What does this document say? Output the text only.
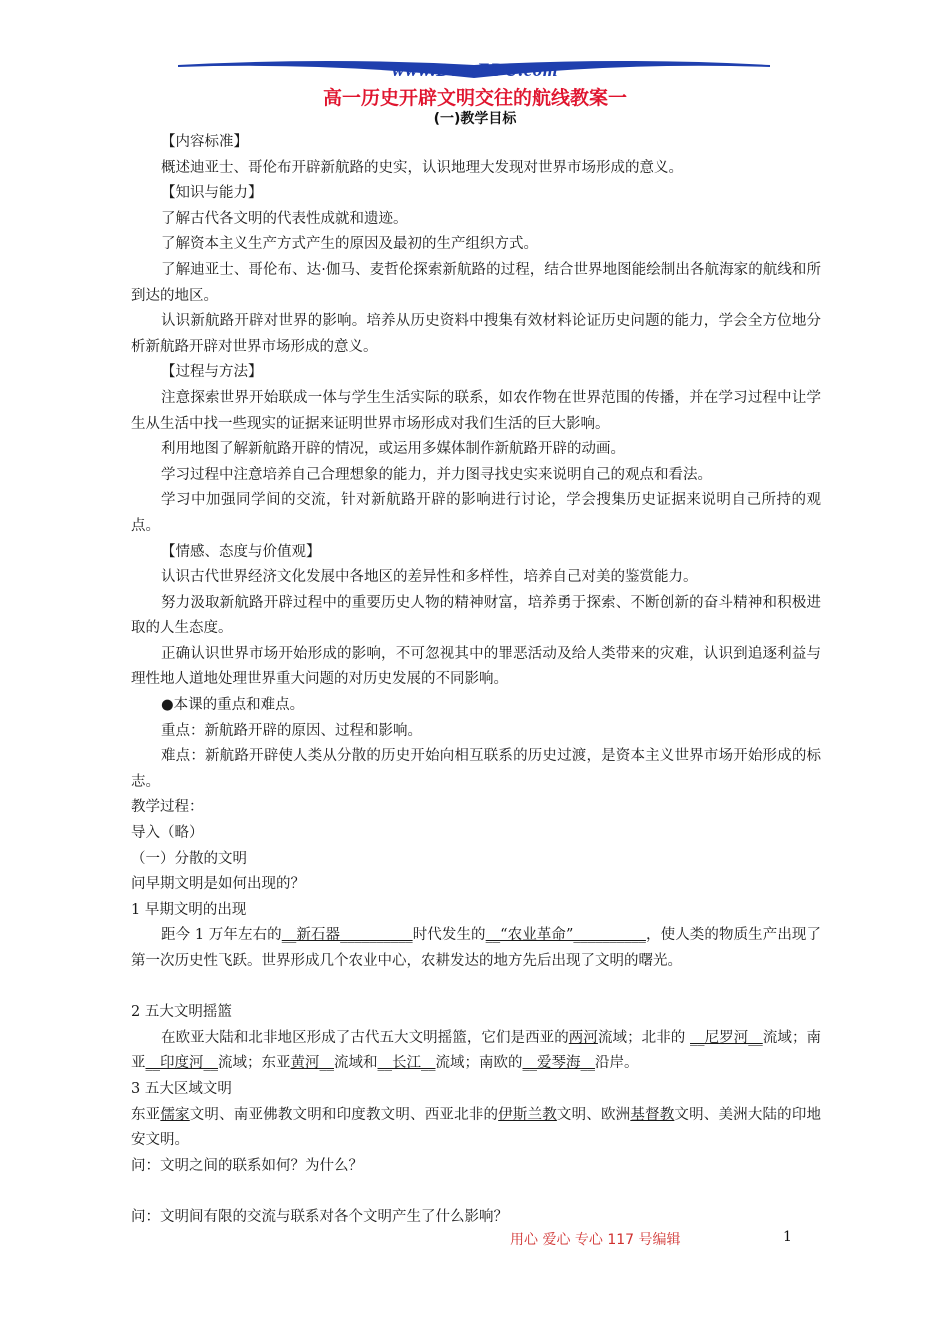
www.DearEDU.com
高一历史开辟文明交往的航线教案一
(一)教学目标

【内容标准】

概述迪亚士、哥伦布开辟新航路的史实，认识地理大发现对世界市场形成的意义。

【知识与能力】

了解古代各文明的代表性成就和遗迹。

了解资本主义生产方式产生的原因及最初的生产组织方式。

了解迪亚士、哥伦布、达·伽马、麦哲伦探索新航路的过程，结合世界地图能绘制出各航海家的航线和所到达的地区。

认识新航路开辟对世界的影响。培养从历史资料中搜集有效材料论证历史问题的能力，学会全方位地分析新航路开辟对世界市场形成的意义。

【过程与方法】

注意探索世界开始联成一体与学生生活实际的联系，如农作物在世界范围的传播，并在学习过程中让学生从生活中找一些现实的证据来证明世界市场形成对我们生活的巨大影响。

利用地图了解新航路开辟的情况，或运用多媒体制作新航路开辟的动画。

学习过程中注意培养自己合理想象的能力，并力图寻找史实来说明自己的观点和看法。

学习中加强同学间的交流，针对新航路开辟的影响进行讨论，学会搜集历史证据来说明自己所持的观点。

【情感、态度与价值观】

认识古代世界经济文化发展中各地区的差异性和多样性，培养自己对美的鉴赏能力。

努力汲取新航路开辟过程中的重要历史人物的精神财富，培养勇于探索、不断创新的奋斗精神和积极进取的人生态度。

正确认识世界市场开始形成的影响，不可忽视其中的罪恶活动及给人类带来的灾难，认识到追逐利益与理性地人道地处理世界重大问题的对历史发展的不同影响。

●本课的重点和难点。

重点：新航路开辟的原因、过程和影响。

难点：新航路开辟使人类从分散的历史开始向相互联系的历史过渡，是资本主义世界市场开始形成的标志。

教学过程：

导入（略）

（一）分散的文明

问早期文明是如何出现的？

1 早期文明的出现

距今 1 万年左右的__新石器__________时代发生的__“农业革命”__________，使人类的物质生产出现了第一次历史性飞跃。世界形成几个农业中心，农耕发达的地方先后出现了文明的曙光。

2 五大文明摇篮

在欧亚大陆和北非地区形成了古代五大文明摇篮，它们是西亚的两河流域；北非的 __尼罗河__流域；南亚__印度河__流域；东亚黄河__流域和__长江__流域；南欧的__爱琴海__沿岸。

3 五大区域文明

东亚儒家文明、南亚佛教文明和印度教文明、西亚北非的伊斯兰教文明、欧洲基督教文明、美洲大陆的印地安文明。

问：文明之间的联系如何？为什么？

问：文明间有限的交流与联系对各个文明产生了什么影响？

用心 爱心 专心 117 号编辑	1
